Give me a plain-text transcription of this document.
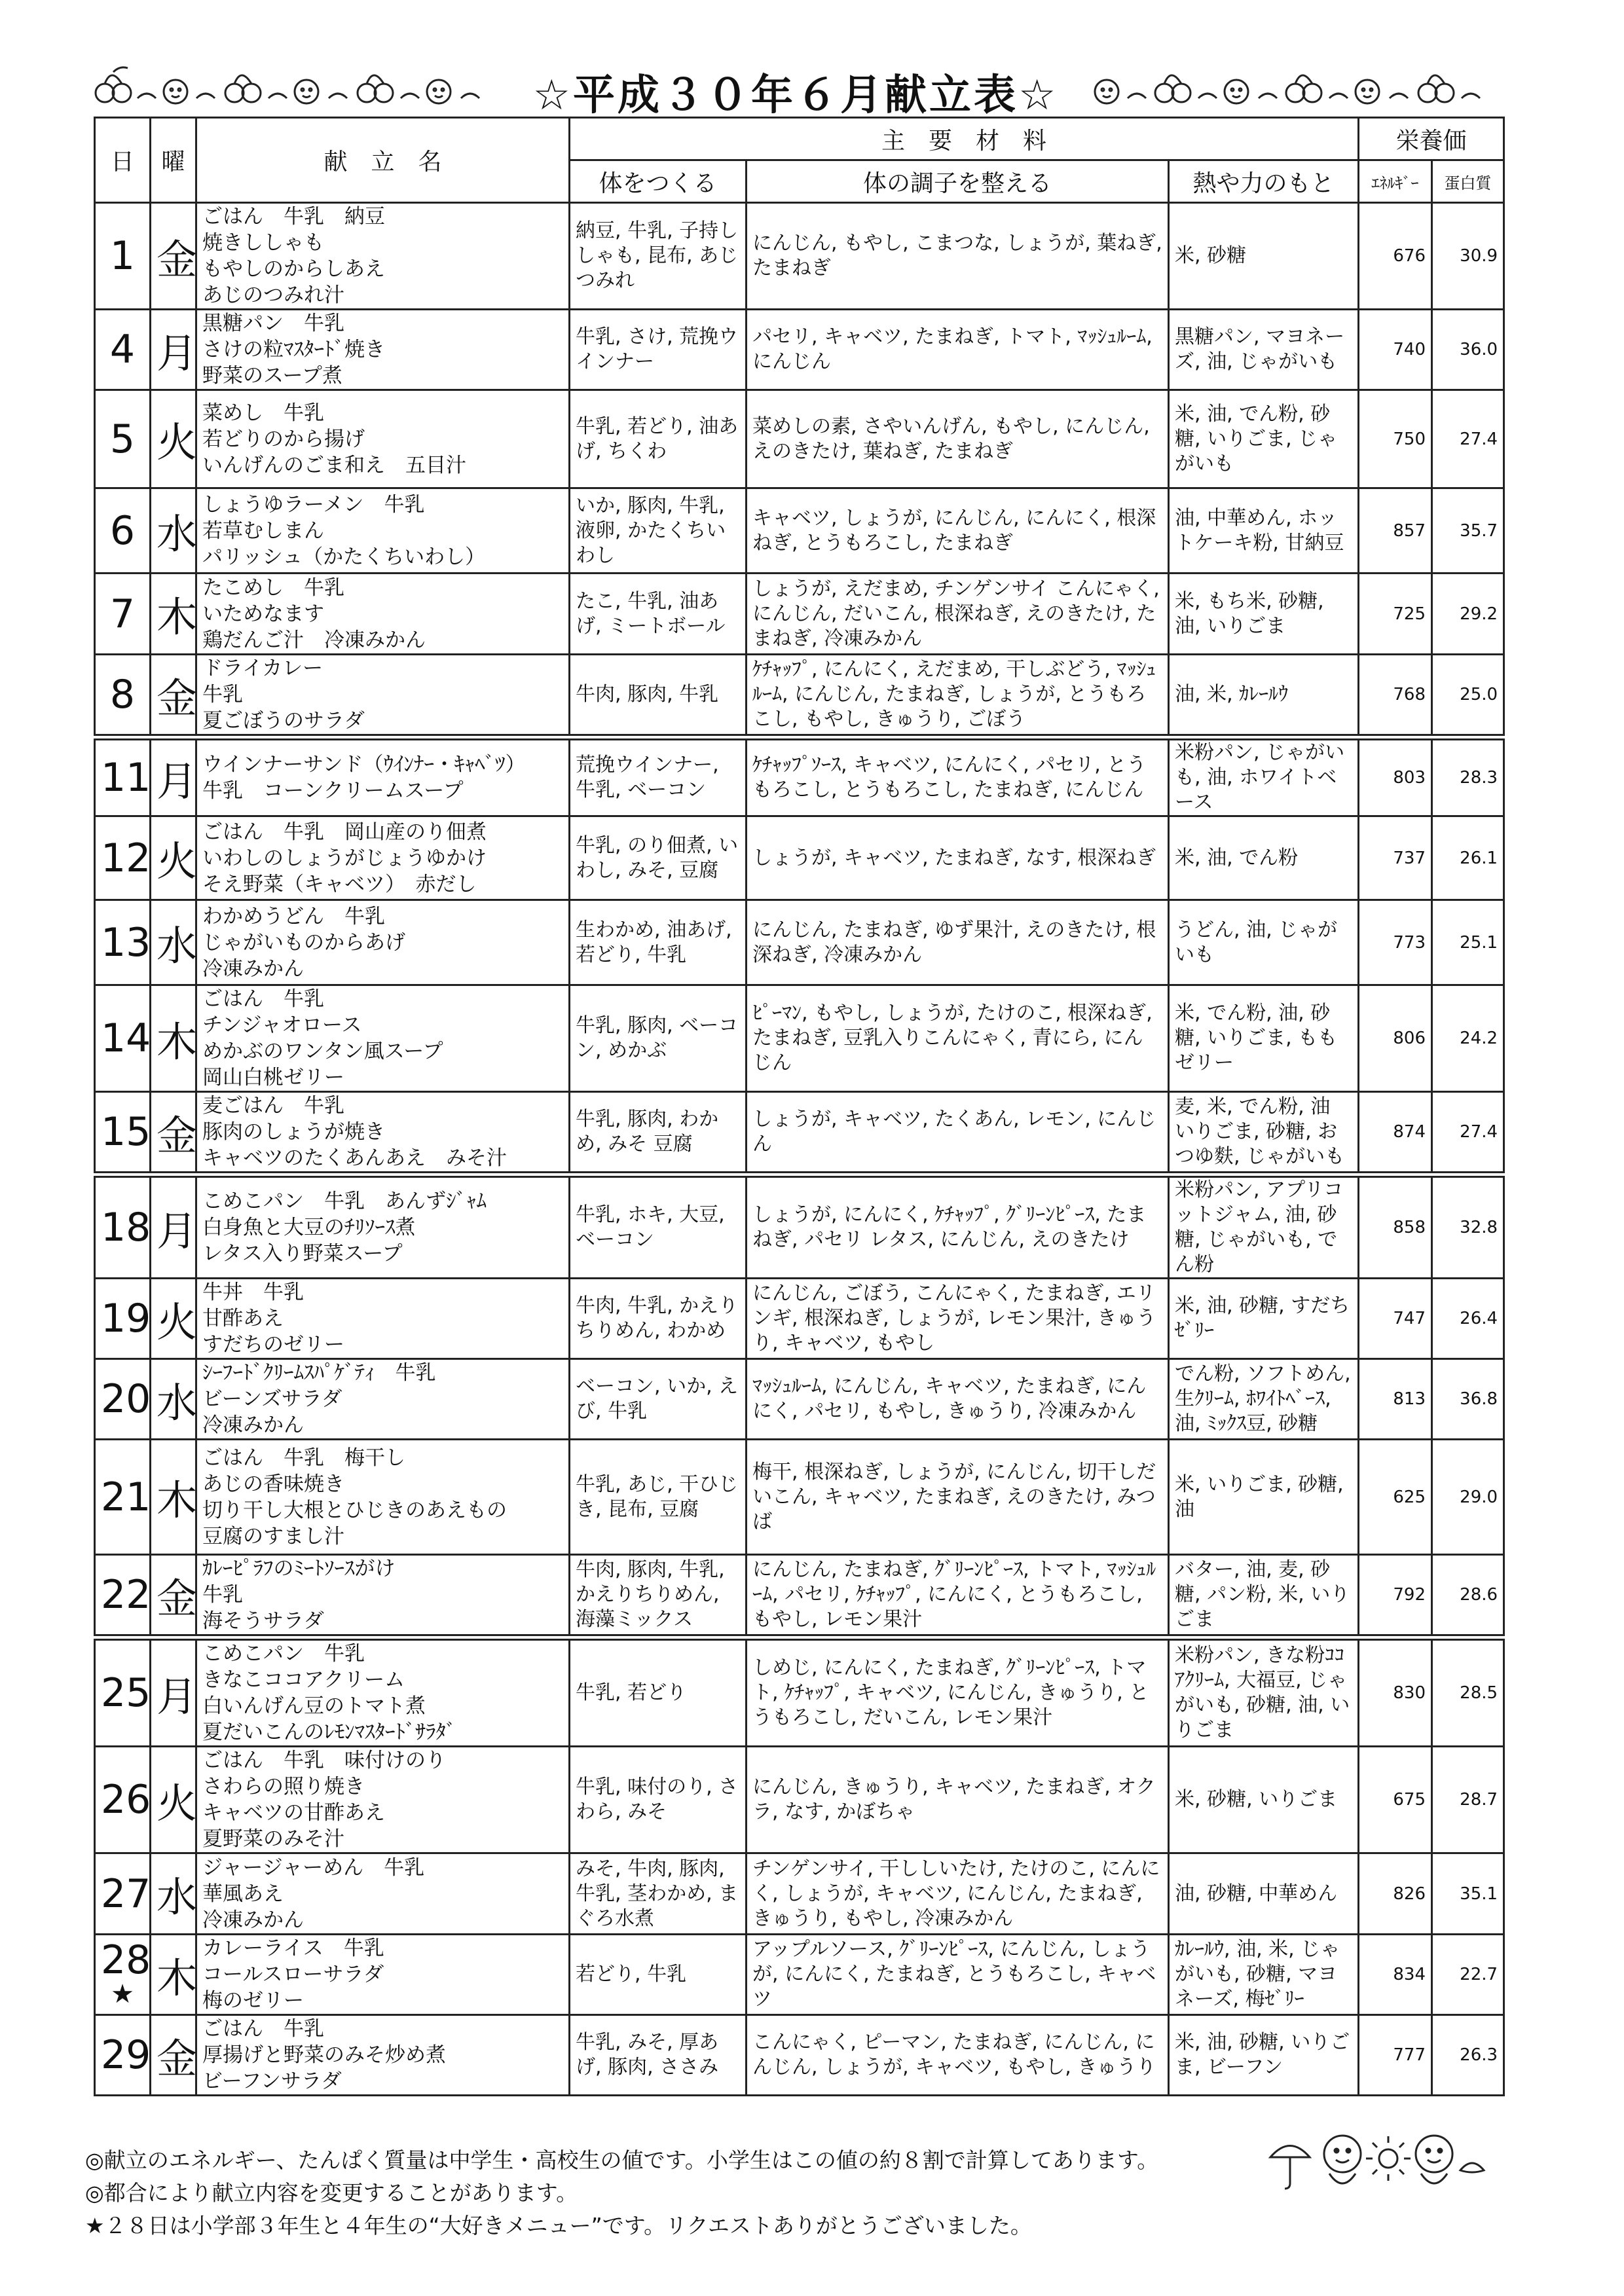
☆平成３０年６月献立表☆
日	曜	献　立　名	主　要　材　料			栄養価	
			体をつくる	体の調子を整える	熱や力のもと	ｴﾈﾙｷﾞｰ	蛋白質
1	金	ごはん　牛乳　納豆
焼きししゃも
もやしのからしあえ
あじのつみれ汁	納豆, 牛乳, 子持ししゃも, 昆布, あじつみれ	にんじん, もやし, こまつな, しょうが, 葉ねぎ, たまねぎ	米, 砂糖	676	30.9
4	月	黒糖パン　牛乳
さけの粒ﾏｽﾀｰﾄﾞ焼き
野菜のスープ煮	牛乳, さけ, 荒挽ウインナー	パセリ, キャベツ, たまねぎ, トマト, ﾏｯｼｭﾙｰﾑ, にんじん	黒糖パン, マヨネーズ, 油, じゃがいも	740	36.0
5	火	菜めし　牛乳
若どりのから揚げ
いんげんのごま和え　五目汁	牛乳, 若どり, 油あげ, ちくわ	菜めしの素, さやいんげん, もやし, にんじん, えのきたけ, 葉ねぎ, たまねぎ	米, 油, でん粉, 砂糖, いりごま, じゃがいも	750	27.4
6	水	しょうゆラーメン　牛乳
若草むしまん
パリッシュ（かたくちいわし）	いか, 豚肉, 牛乳, 液卵, かたくちいわし	キャベツ, しょうが, にんじん, にんにく, 根深ねぎ, とうもろこし, たまねぎ	油, 中華めん, ホットケーキ粉, 甘納豆	857	35.7
7	木	たこめし　牛乳
いためなます
鶏だんご汁　冷凍みかん	たこ, 牛乳, 油あげ, ミートボール	しょうが, えだまめ, チンゲンサイ こんにゃく, にんじん, だいこん, 根深ねぎ, えのきたけ, たまねぎ, 冷凍みかん	米, もち米, 砂糖, 油, いりごま	725	29.2
8	金	ドライカレー
牛乳
夏ごぼうのサラダ	牛肉, 豚肉, 牛乳	ｹﾁｬｯﾌﾟ, にんにく, えだまめ, 干しぶどう, ﾏｯｼｭﾙｰﾑ, にんじん, たまねぎ, しょうが, とうもろこし, もやし, きゅうり, ごぼう	油, 米, ｶﾚｰﾙｳ	768	25.0
11	月	ウインナーサンド（ｳｲﾝﾅｰ・ｷｬﾍﾞﾂ）
牛乳　コーンクリームスープ	荒挽ウインナー, 牛乳, ベーコン	ｹﾁｬｯﾌﾟｿｰｽ, キャベツ, にんにく, パセリ, とうもろこし, とうもろこし, たまねぎ, にんじん	米粉パン, じゃがいも, 油, ホワイトベース	803	28.3
12	火	ごはん　牛乳　岡山産のり佃煮
いわしのしょうがじょうゆかけ
そえ野菜（キャベツ）　赤だし	牛乳, のり佃煮, いわし, みそ, 豆腐	しょうが, キャベツ, たまねぎ, なす, 根深ねぎ	米, 油, でん粉	737	26.1
13	水	わかめうどん　牛乳
じゃがいものからあげ
冷凍みかん	生わかめ, 油あげ, 若どり, 牛乳	にんじん, たまねぎ, ゆず果汁, えのきたけ, 根深ねぎ, 冷凍みかん	うどん, 油, じゃがいも	773	25.1
14	木	ごはん　牛乳
チンジャオロース
めかぶのワンタン風スープ
岡山白桃ゼリー	牛乳, 豚肉, ベーコン, めかぶ	ﾋﾟｰﾏﾝ, もやし, しょうが, たけのこ, 根深ねぎ, たまねぎ, 豆乳入りこんにゃく, 青にら, にんじん	米, でん粉, 油, 砂糖, いりごま, ももゼリー	806	24.2
15	金	麦ごはん　牛乳
豚肉のしょうが焼き
キャベツのたくあんあえ　みそ汁	牛乳, 豚肉, わかめ, みそ 豆腐	しょうが, キャベツ, たくあん, レモン, にんじん	麦, 米, でん粉, 油 いりごま, 砂糖, おつゆ麩, じゃがいも	874	27.4
18	月	こめこパン　牛乳　あんずｼﾞｬﾑ
白身魚と大豆のﾁﾘｿｰｽ煮
レタス入り野菜スープ	牛乳, ホキ, 大豆, ベーコン	しょうが, にんにく, ｹﾁｬｯﾌﾟ, ｸﾞﾘｰﾝﾋﾟｰｽ, たまねぎ, パセリ レタス, にんじん, えのきたけ	米粉パン, アプリコットジャム, 油, 砂糖, じゃがいも, でん粉	858	32.8
19	火	牛丼　牛乳
甘酢あえ
すだちのゼリー	牛肉, 牛乳, かえりちりめん, わかめ	にんじん, ごぼう, こんにゃく, たまねぎ, エリンギ, 根深ねぎ, しょうが, レモン果汁, きゅうり, キャベツ, もやし	米, 油, 砂糖, すだちｾﾞﾘｰ	747	26.4
20	水	ｼｰﾌｰﾄﾞｸﾘｰﾑｽﾊﾟｹﾞﾃｨ　牛乳
ビーンズサラダ
冷凍みかん	ベーコン, いか, えび, 牛乳	ﾏｯｼｭﾙｰﾑ, にんじん, キャベツ, たまねぎ, にんにく, パセリ, もやし, きゅうり, 冷凍みかん	でん粉, ソフトめん, 生ｸﾘｰﾑ, ﾎﾜｲﾄﾍﾞｰｽ, 油, ﾐｯｸｽ豆, 砂糖	813	36.8
21	木	ごはん　牛乳　梅干し
あじの香味焼き
切り干し大根とひじきのあえもの
豆腐のすまし汁	牛乳, あじ, 干ひじき, 昆布, 豆腐	梅干, 根深ねぎ, しょうが, にんじん, 切干しだいこん, キャベツ, たまねぎ, えのきたけ, みつば	米, いりごま, 砂糖, 油	625	29.0
22	金	ｶﾚｰﾋﾟﾗﾌのﾐｰﾄｿｰｽがけ
牛乳
海そうサラダ	牛肉, 豚肉, 牛乳, かえりちりめん, 海藻ミックス	にんじん, たまねぎ, ｸﾞﾘｰﾝﾋﾟｰｽ, トマト, ﾏｯｼｭﾙｰﾑ, パセリ, ｹﾁｬｯﾌﾟ, にんにく, とうもろこし, もやし, レモン果汁	バター, 油, 麦, 砂糖, パン粉, 米, いりごま	792	28.6
25	月	こめこパン　牛乳
きなこココアクリーム
白いんげん豆のトマト煮
夏だいこんのﾚﾓﾝﾏｽﾀｰﾄﾞｻﾗﾀﾞ	牛乳, 若どり	しめじ, にんにく, たまねぎ, ｸﾞﾘｰﾝﾋﾟｰｽ, トマト, ｹﾁｬｯﾌﾟ, キャベツ, にんじん, きゅうり, とうもろこし, だいこん, レモン果汁	米粉パン, きな粉ｺｺｱｸﾘｰﾑ, 大福豆, じゃがいも, 砂糖, 油, いりごま	830	28.5
26	火	ごはん　牛乳　味付けのり
さわらの照り焼き
キャベツの甘酢あえ
夏野菜のみそ汁	牛乳, 味付のり, さわら, みそ	にんじん, きゅうり, キャベツ, たまねぎ, オクラ, なす, かぼちゃ	米, 砂糖, いりごま	675	28.7
27	水	ジャージャーめん　牛乳
華風あえ
冷凍みかん	みそ, 牛肉, 豚肉, 牛乳, 茎わかめ, まぐろ水煮	チンゲンサイ, 干ししいたけ, たけのこ, にんにく, しょうが, キャベツ, にんじん, たまねぎ, きゅうり, もやし, 冷凍みかん	油, 砂糖, 中華めん	826	35.1

28
★	木	カレーライス　牛乳
コールスローサラダ
梅のゼリー	若どり, 牛乳	アップルソース, ｸﾞﾘｰﾝﾋﾟｰｽ, にんじん, しょうが, にんにく, たまねぎ, とうもろこし, キャベツ	ｶﾚｰﾙｳ, 油, 米, じゃがいも, 砂糖, マヨネーズ, 梅ｾﾞﾘｰ	834	22.7
29	金	ごはん　牛乳
厚揚げと野菜のみそ炒め煮
ビーフンサラダ	牛乳, みそ, 厚あげ, 豚肉, ささみ	こんにゃく, ピーマン, たまねぎ, にんじん, にんじん, しょうが, キャベツ, もやし, きゅうり	米, 油, 砂糖, いりごま, ビーフン	777	26.3
◎献立のエネルギー、たんぱく質量は中学生・高校生の値です。小学生はこの値の約８割で計算してあります。
◎都合により献立内容を変更することがあります。
★２８日は小学部３年生と４年生の“大好きメニュー”です。リクエストありがとうございました。
